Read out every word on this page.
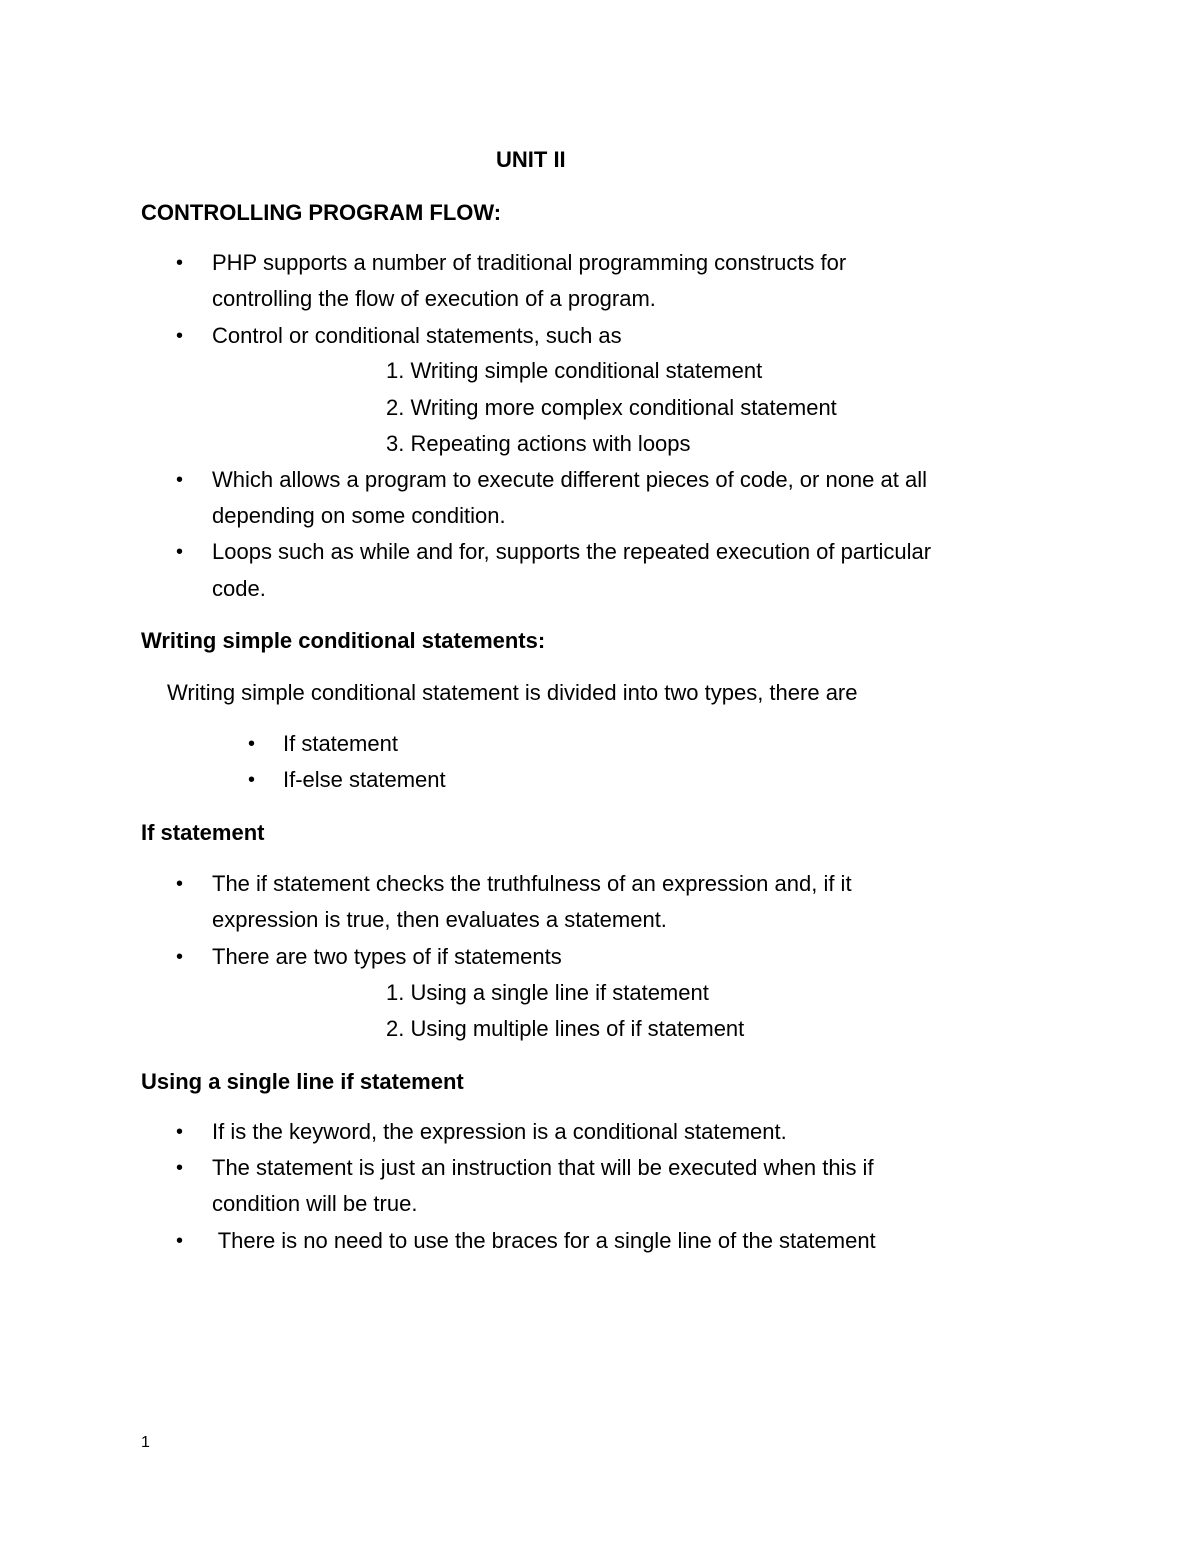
UNIT II
CONTROLLING PROGRAM FLOW:
• PHP supports a number of traditional programming constructs for
controlling the flow of execution of a program.
• Control or conditional statements, such as
1. Writing simple conditional statement
2. Writing more complex conditional statement
3. Repeating actions with loops
• Which allows a program to execute different pieces of code, or none at all
depending on some condition.
• Loops such as while and for, supports the repeated execution of particular
code.
Writing simple conditional statements:
Writing simple conditional statement is divided into two types, there are
• If statement
• If-else statement
If statement
• The if statement checks the truthfulness of an expression and, if it
expression is true, then evaluates a statement.
• There are two types of if statements
1. Using a single line if statement
2. Using multiple lines of if statement
Using a single line if statement
• If is the keyword, the expression is a conditional statement.
• The statement is just an instruction that will be executed when this if
condition will be true.
• There is no need to use the braces for a single line of the statement
1
